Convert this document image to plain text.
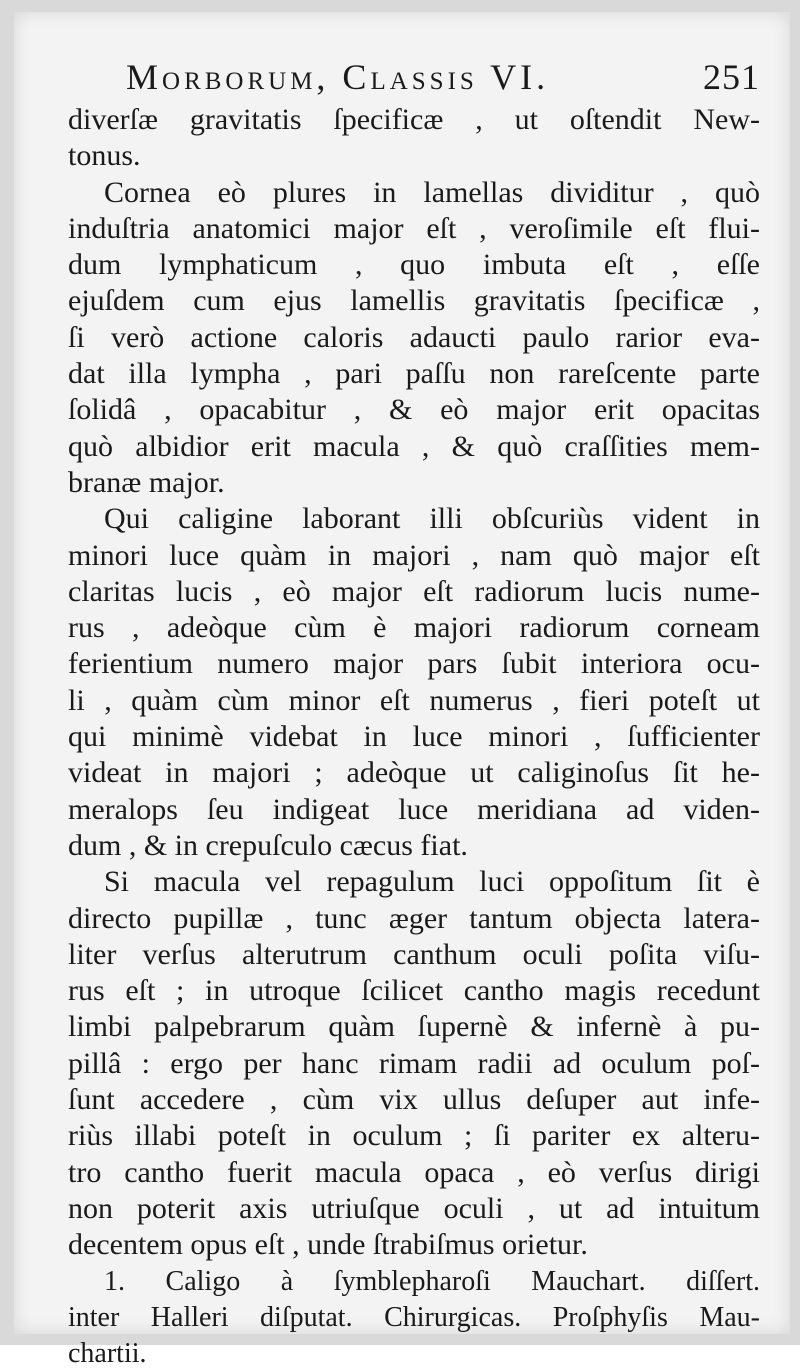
Morborum, Classis VI.	251
diverſæ gravitatis ſpecificæ , ut oſtendit New-
tonus.
Cornea eò plures in lamellas dividitur , quò
induſtria anatomici major eſt , veroſimile eſt flui-
dum lymphaticum , quo imbuta eſt , eſſe
ejuſdem cum ejus lamellis gravitatis ſpecificæ ,
ſi verò actione caloris adaucti paulo rarior eva-
dat illa lympha , pari paſſu non rareſcente parte
ſolidâ , opacabitur , & eò major erit opacitas
quò albidior erit macula , & quò craſſities mem-
branæ major.
Qui caligine laborant illi obſcuriùs vident in
minori luce quàm in majori , nam quò major eſt
claritas lucis , eò major eſt radiorum lucis nume-
rus , adeòque cùm è majori radiorum corneam
ferientium numero major pars ſubit interiora ocu-
li , quàm cùm minor eſt numerus , fieri poteſt ut
qui minimè videbat in luce minori , ſufficienter
videat in majori ; adeòque ut caliginoſus ſit he-
meralops ſeu indigeat luce meridiana ad viden-
dum , & in crepuſculo cæcus fiat.
Si macula vel repagulum luci oppoſitum ſit è
directo pupillæ , tunc æger tantum objecta latera-
liter verſus alterutrum canthum oculi poſita viſu-
rus eſt ; in utroque ſcilicet cantho magis recedunt
limbi palpebrarum quàm ſupernè & infernè à pu-
pillâ : ergo per hanc rimam radii ad oculum poſ-
ſunt accedere , cùm vix ullus deſuper aut infe-
riùs illabi poteſt in oculum ; ſi pariter ex alteru-
tro cantho fuerit macula opaca , eò verſus dirigi
non poterit axis utriuſque oculi , ut ad intuitum
decentem opus eſt , unde ſtrabiſmus orietur.
1. Caligo à ſymblepharoſi Mauchart. diſſert.
inter Halleri diſputat. Chirurgicas. Proſphyſis Mau-
chartii.
